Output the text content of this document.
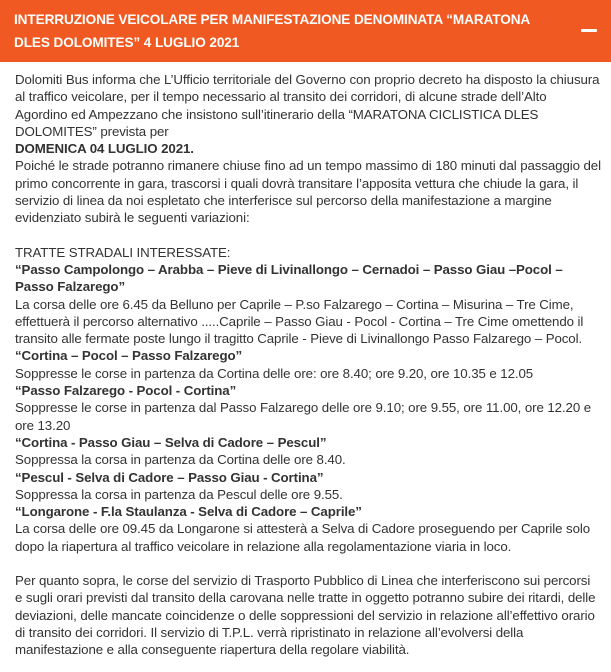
INTERRUZIONE VEICOLARE PER MANIFESTAZIONE DENOMINATA “MARATONA DLES DOLOMITES” 4 LUGLIO 2021

Dolomiti Bus informa che L’Ufficio territoriale del Governo con proprio decreto ha disposto la chiusura al traffico veicolare, per il tempo necessario al transito dei corridori, di alcune strade dell’Alto Agordino ed Ampezzano che insistono sull’itinerario della “MARATONA CICLISTICA DLES DOLOMITES” prevista per

DOMENICA 04 LUGLIO 2021.

Poiché le strade potranno rimanere chiuse fino ad un tempo massimo di 180 minuti dal passaggio del primo concorrente in gara, trascorsi i quali dovrà transitare l’apposita vettura che chiude la gara, il servizio di linea da noi espletato che interferisce sul percorso della manifestazione a margine evidenziato subirà le seguenti variazioni:

TRATTE STRADALI INTERESSATE:

“Passo Campolongo – Arabba – Pieve di Livinallongo – Cernadoi – Passo Giau –Pocol – Passo Falzarego”

La corsa delle ore 6.45 da Belluno per Caprile – P.so Falzarego – Cortina – Misurina – Tre Cime, effettuerà il percorso alternativo .....Caprile – Passo Giau - Pocol - Cortina – Tre Cime omettendo il transito alle fermate poste lungo il tragitto Caprile - Pieve di Livinallongo Passo Falzarego – Pocol.

“Cortina – Pocol – Passo Falzarego”

Soppresse le corse in partenza da Cortina delle ore: ore 8.40; ore 9.20, ore 10.35 e 12.05

“Passo Falzarego - Pocol - Cortina”

Soppresse le corse in partenza dal Passo Falzarego delle ore 9.10; ore 9.55, ore 11.00, ore 12.20 e ore 13.20

“Cortina - Passo Giau – Selva di Cadore – Pescul”

Soppressa la corsa in partenza da Cortina delle ore 8.40.

“Pescul - Selva di Cadore – Passo Giau - Cortina”

Soppressa la corsa in partenza da Pescul delle ore 9.55.

“Longarone - F.la Staulanza - Selva di Cadore – Caprile”

La corsa delle ore 09.45 da Longarone si attesterà a Selva di Cadore proseguendo per Caprile solo dopo la riapertura al traffico veicolare in relazione alla regolamentazione viaria in loco.

Per quanto sopra, le corse del servizio di Trasporto Pubblico di Linea che interferiscono sui percorsi e sugli orari previsti dal transito della carovana nelle tratte in oggetto potranno subire dei ritardi, delle deviazioni, delle mancate coincidenze o delle soppressioni del servizio in relazione all’effettivo orario di transito dei corridori. Il servizio di T.P.L. verrà ripristinato in relazione all’evolversi della manifestazione e alla conseguente riapertura della regolare viabilità.
